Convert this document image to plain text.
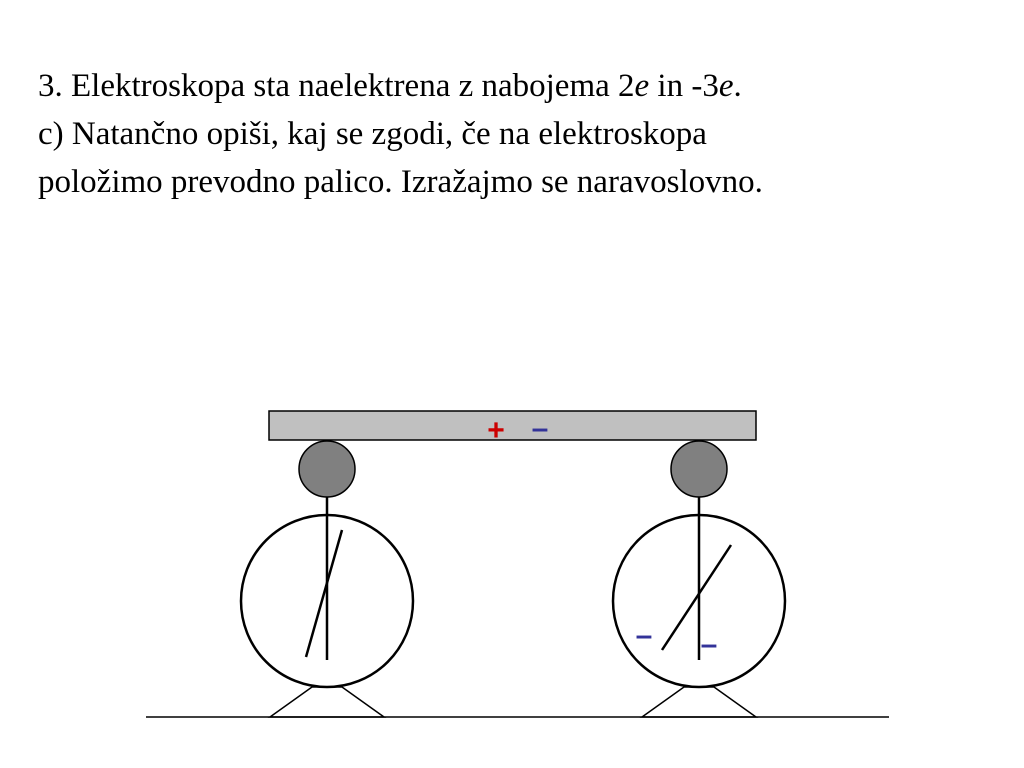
3. Elektroskopa sta naelektrena z nabojema 2e in -3e.
c) Natančno opiši, kaj se zgodi, če na elektroskopa
položimo prevodno palico. Izražajmo se naravoslovno.
+ –
– –
